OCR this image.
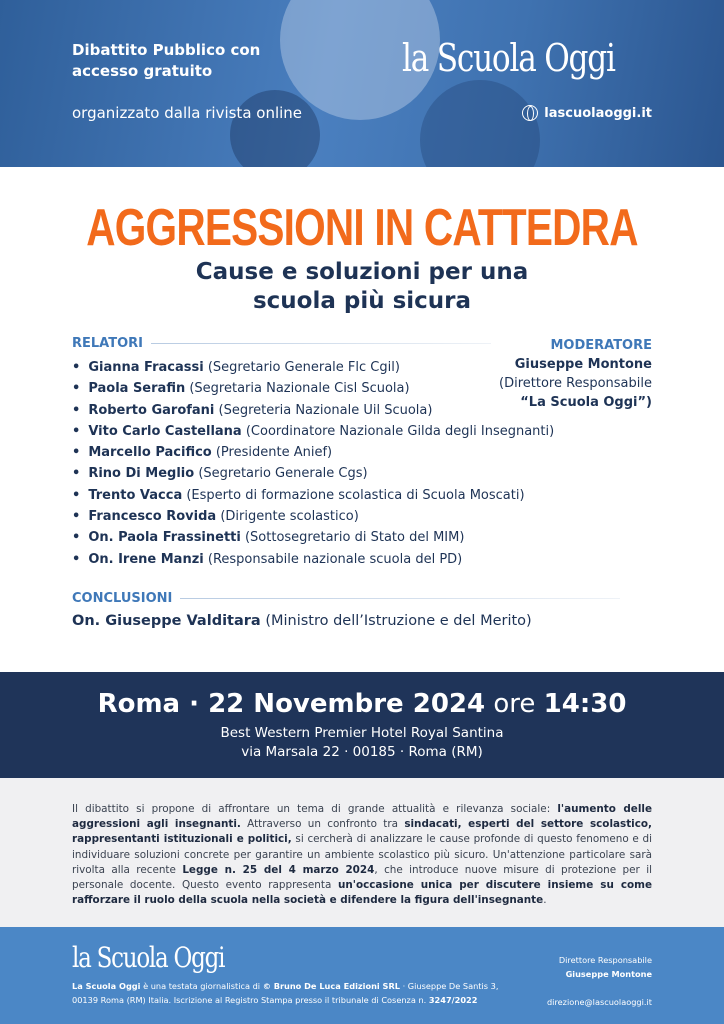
Dibattito Pubblico con accesso gratuito
organizzato dalla rivista online
la Scuola Oggi
lascuolaoggi.it
AGGRESSIONI IN CATTEDRA
Cause e soluzioni per una
scuola più sicura
RELATORI
• Gianna Fracassi (Segretario Generale Flc Cgil)
• Paola Serafin (Segretaria Nazionale Cisl Scuola)
• Roberto Garofani (Segreteria Nazionale Uil Scuola)
• Vito Carlo Castellana (Coordinatore Nazionale Gilda degli Insegnanti)
• Marcello Pacifico (Presidente Anief)
• Rino Di Meglio (Segretario Generale Cgs)
• Trento Vacca (Esperto di formazione scolastica di Scuola Moscati)
• Francesco Rovida (Dirigente scolastico)
• On. Paola Frassinetti (Sottosegretario di Stato del MIM)
• On. Irene Manzi (Responsabile nazionale scuola del PD)
MODERATORE
Giuseppe Montone
(Direttore Responsabile
“La Scuola Oggi”)
CONCLUSIONI
On. Giuseppe Valditara (Ministro dell’Istruzione e del Merito)
Roma · 22 Novembre 2024 ore 14:30
Best Western Premier Hotel Royal Santina
via Marsala 22 · 00185 · Roma (RM)

Il dibattito si propone di affrontare un tema di grande attualità e rilevanza sociale: l'aumento delle aggressioni agli insegnanti. Attraverso un confronto tra sindacati, esperti del settore scolastico, rappresentanti istituzionali e politici, si cercherà di analizzare le cause profonde di questo fenomeno e di individuare soluzioni concrete per garantire un ambiente scolastico più sicuro. Un'attenzione particolare sarà rivolta alla recente Legge n. 25 del 4 marzo 2024, che introduce nuove misure di protezione per il personale docente. Questo evento rappresenta un'occasione unica per discutere insieme su come rafforzare il ruolo della scuola nella società e difendere la figura dell'insegnante.

la Scuola Oggi
La Scuola Oggi è una testata giornalistica di © Bruno De Luca Edizioni SRL · Giuseppe De Santis 3, 00139 Roma (RM) Italia. Iscrizione al Registro Stampa presso il tribunale di Cosenza n. 3247/2022
Direttore Responsabile
Giuseppe Montone
direzione@lascuolaoggi.it
